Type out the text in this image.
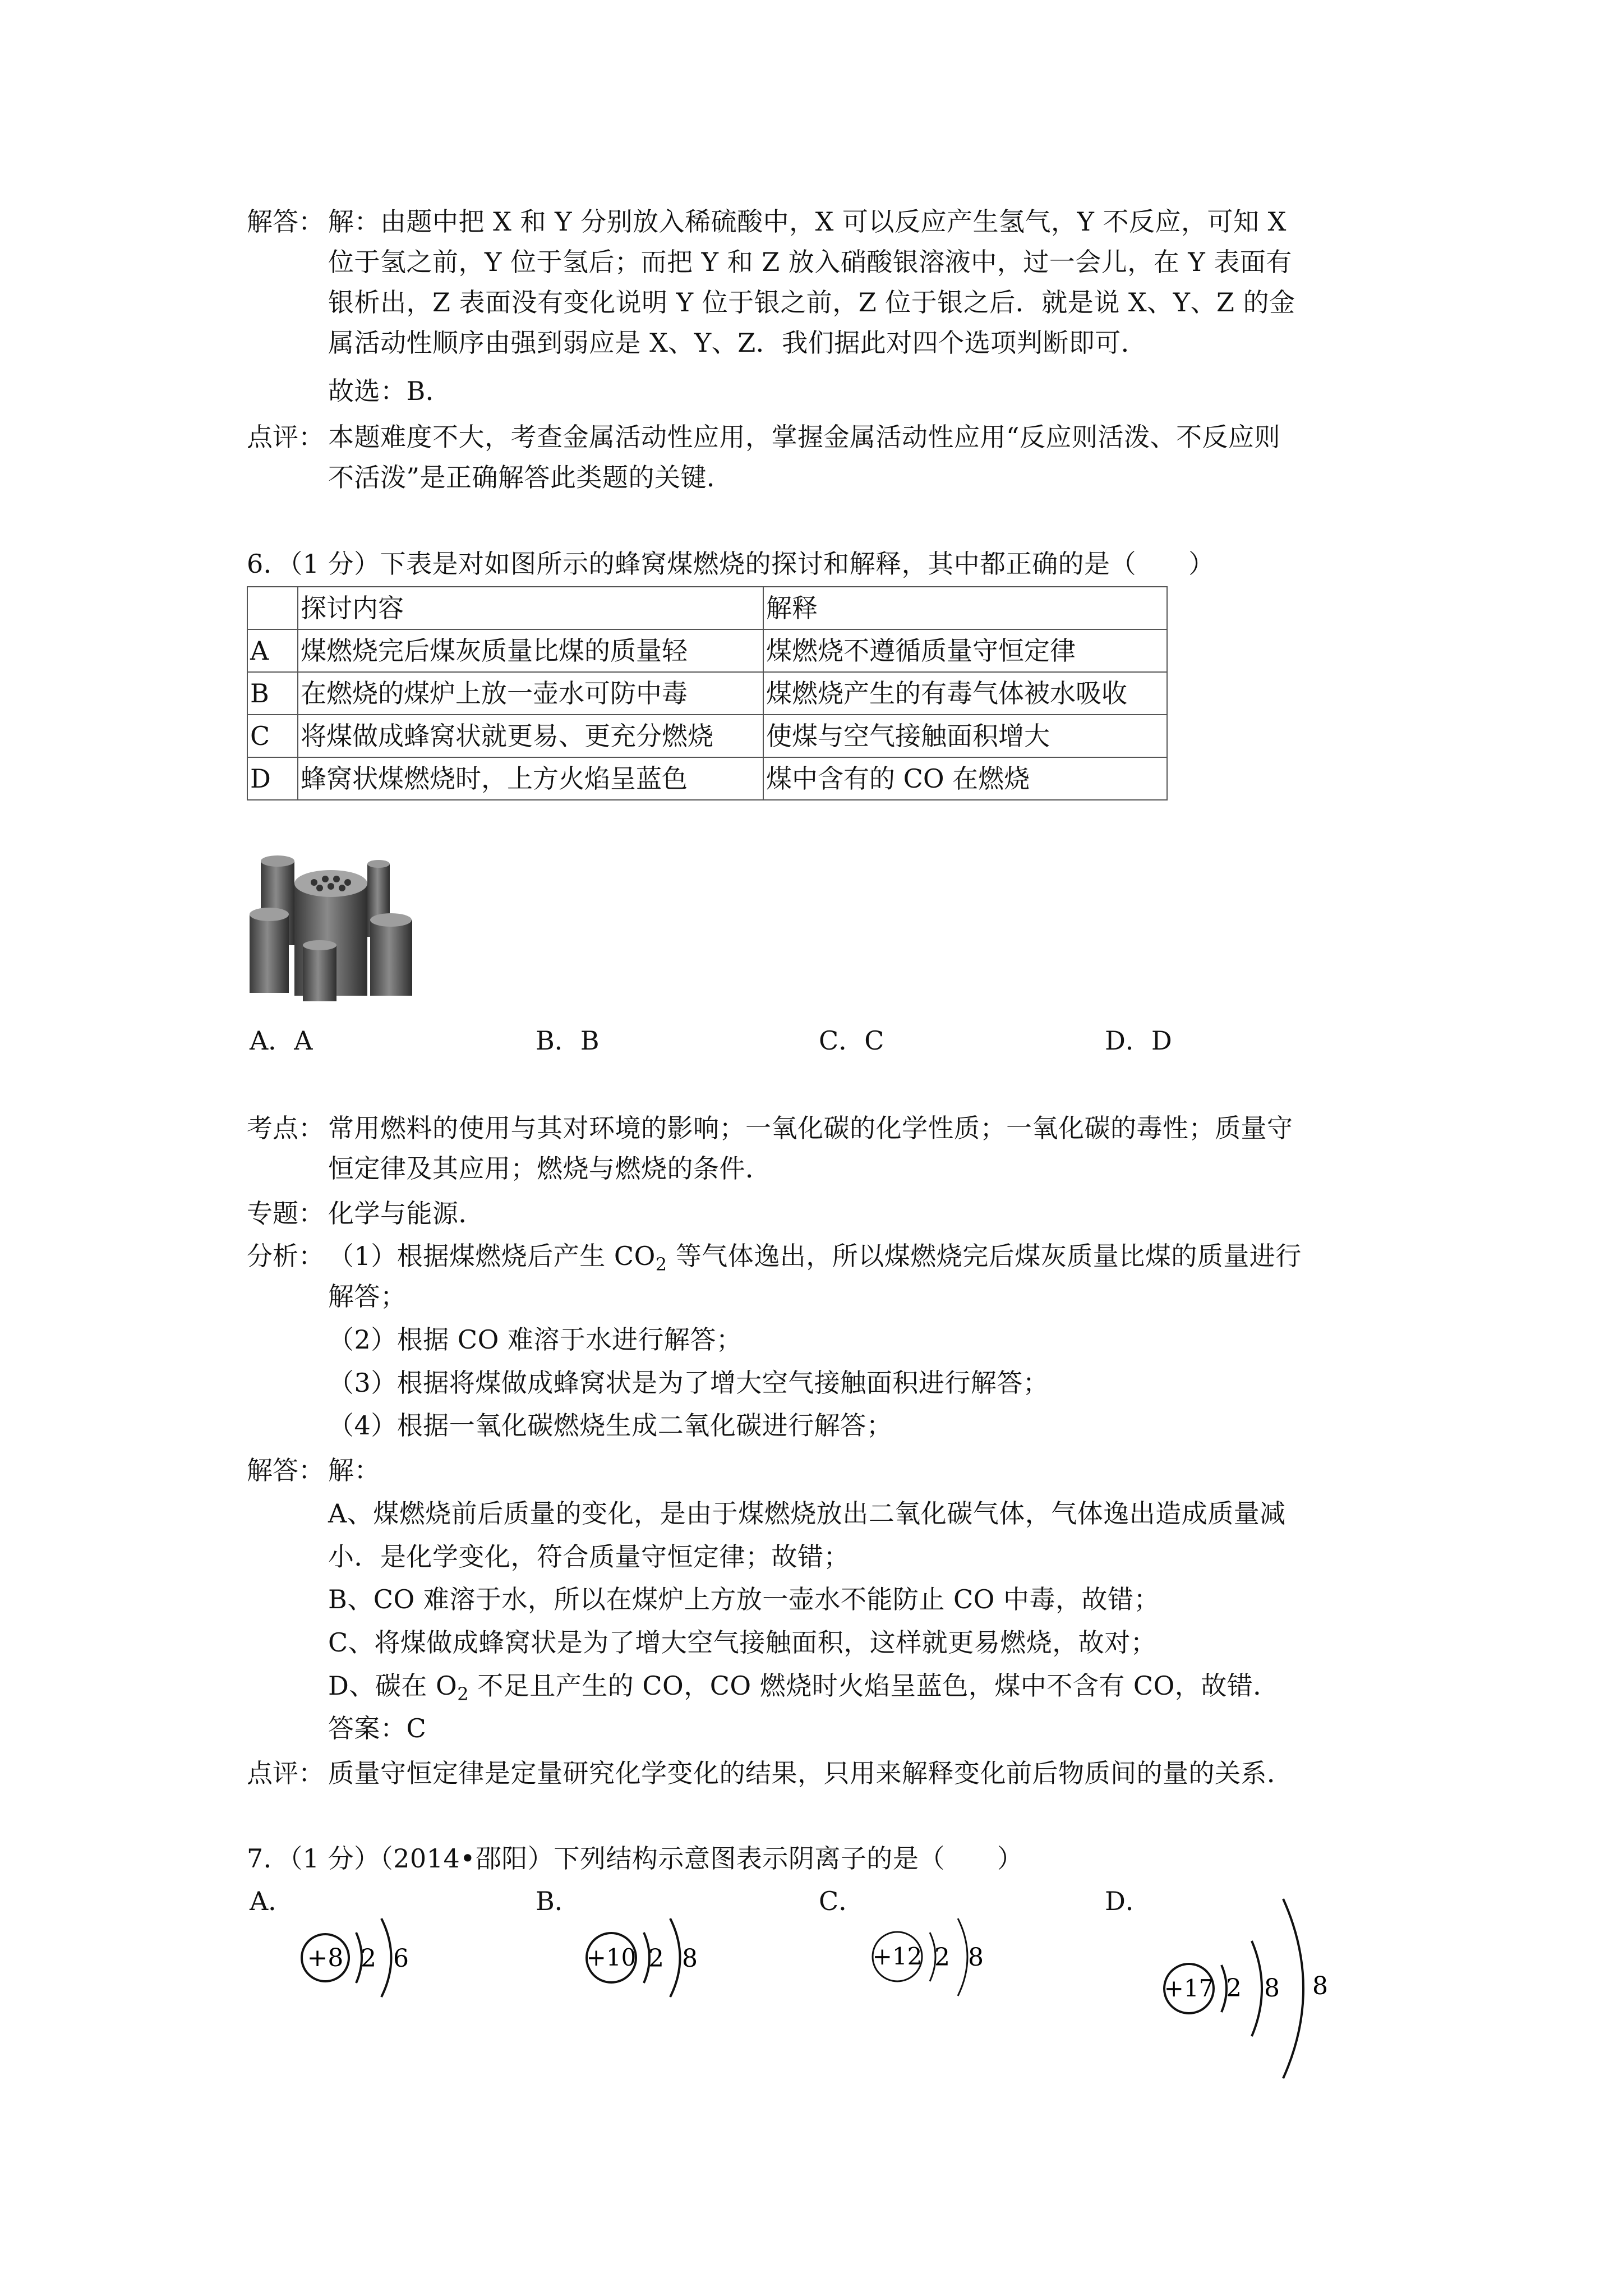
解答： 解：由题中把 X 和 Y 分别放入稀硫酸中，X 可以反应产生氢气，Y 不反应，可知 X
位于氢之前，Y 位于氢后；而把 Y 和 Z 放入硝酸银溶液中，过一会儿，在 Y 表面有
银析出，Z 表面没有变化说明 Y 位于银之前，Z 位于银之后．就是说 X、Y、Z 的金
属活动性顺序由强到弱应是 X、Y、Z．我们据此对四个选项判断即可．
故选：B．
点评： 本题难度不大，考查金属活动性应用，掌握金属活动性应用“反应则活泼、不反应则
不活泼”是正确解答此类题的关键．
6．（1 分）下表是对如图所示的蜂窝煤燃烧的探讨和解释，其中都正确的是（　　）
	探讨内容	解释
A	煤燃烧完后煤灰质量比煤的质量轻	煤燃烧不遵循质量守恒定律
B	在燃烧的煤炉上放一壶水可防中毒	煤燃烧产生的有毒气体被水吸收
C	将煤做成蜂窝状就更易、更充分燃烧	使煤与空气接触面积增大
D	蜂窝状煤燃烧时，上方火焰呈蓝色	煤中含有的 CO 在燃烧
A．A	B．B	C．C	D．D
考点： 常用燃料的使用与其对环境的影响；一氧化碳的化学性质；一氧化碳的毒性；质量守
恒定律及其应用；燃烧与燃烧的条件．
专题： 化学与能源．
分析： （1）根据煤燃烧后产生 $CO_2$ 等气体逸出，所以煤燃烧完后煤灰质量比煤的质量进行
解答；
（2）根据 CO 难溶于水进行解答；
（3）根据将煤做成蜂窝状是为了增大空气接触面积进行解答；
（4）根据一氧化碳燃烧生成二氧化碳进行解答；
解答： 解：
A、煤燃烧前后质量的变化，是由于煤燃烧放出二氧化碳气体，气体逸出造成质量减
小．是化学变化，符合质量守恒定律；故错；
B、CO 难溶于水，所以在煤炉上方放一壶水不能防止 CO 中毒，故错；
C、将煤做成蜂窝状是为了增大空气接触面积，这样就更易燃烧，故对；
D、碳在 $O_2$ 不足且产生的 CO，CO 燃烧时火焰呈蓝色，煤中不含有 CO，故错．
答案：C
点评： 质量守恒定律是定量研究化学变化的结果，只用来解释变化前后物质间的量的关系．
7．（1 分）（2014•邵阳）下列结构示意图表示阴离子的是（　　）
A．	B．	C．	D．
+8 2 6	+10 2 8	+12 2 8
+17 2 8 8
